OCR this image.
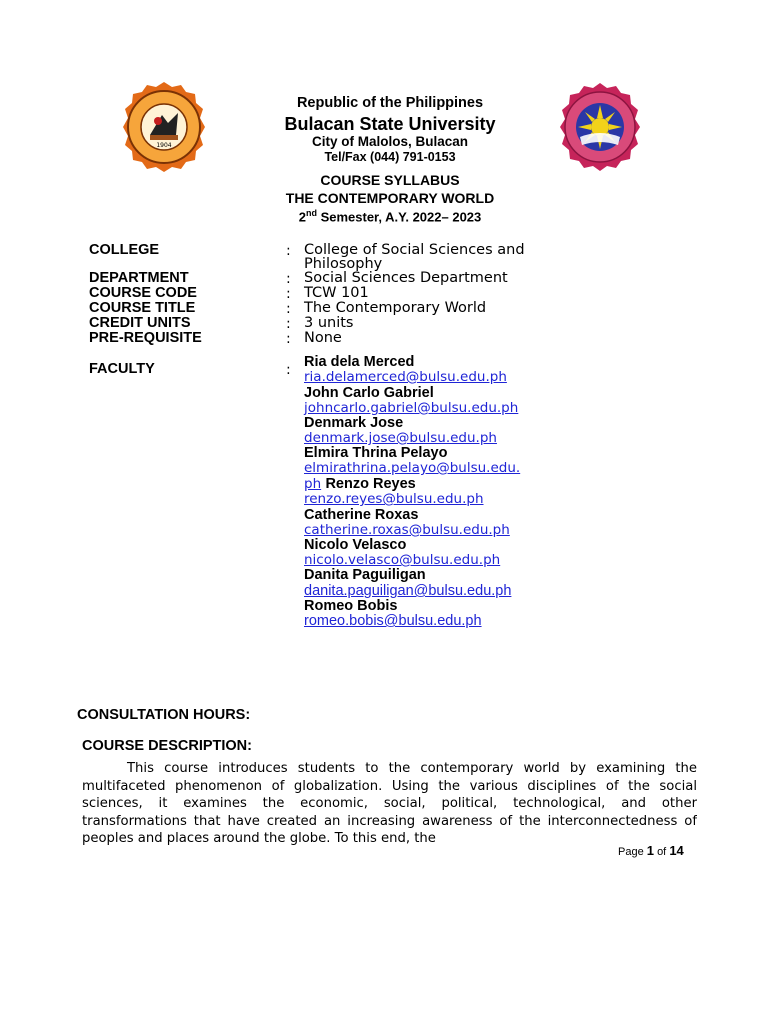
1904
Republic of the Philippines
Bulacan State University
City of Malolos, Bulacan
Tel/Fax (044) 791-0153
COURSE SYLLABUS
THE CONTEMPORARY WORLD
2nd Semester, A.Y. 2022– 2023
COLLEGE	: College of Social Sciences and Philosophy
DEPARTMENT	: Social Sciences Department
COURSE CODE	: TCW 101
COURSE TITLE	: The Contemporary World
CREDIT UNITS	: 3 units
PRE-REQUISITE	: None
FACULTY	: Ria dela Merced
ria.delamerced@bulsu.edu.ph
John Carlo Gabriel
johncarlo.gabriel@bulsu.edu.ph
Denmark Jose
denmark.jose@bulsu.edu.ph
Elmira Thrina Pelayo
elmirathrina.pelayo@bulsu.edu.
ph Renzo Reyes
renzo.reyes@bulsu.edu.ph
Catherine Roxas
catherine.roxas@bulsu.edu.ph
Nicolo Velasco
nicolo.velasco@bulsu.edu.ph
Danita Paguiligan
danita.paguiligan@bulsu.edu.ph
Romeo Bobis
romeo.bobis@bulsu.edu.ph
CONSULTATION HOURS:
COURSE DESCRIPTION:
This course introduces students to the contemporary world by examining the multifaceted phenomenon of globalization. Using the various disciplines of the social sciences, it examines the economic, social, political, technological, and other transformations that have created an increasing awareness of the interconnectedness of peoples and places around the globe. To this end, the
Page 1 of 14
